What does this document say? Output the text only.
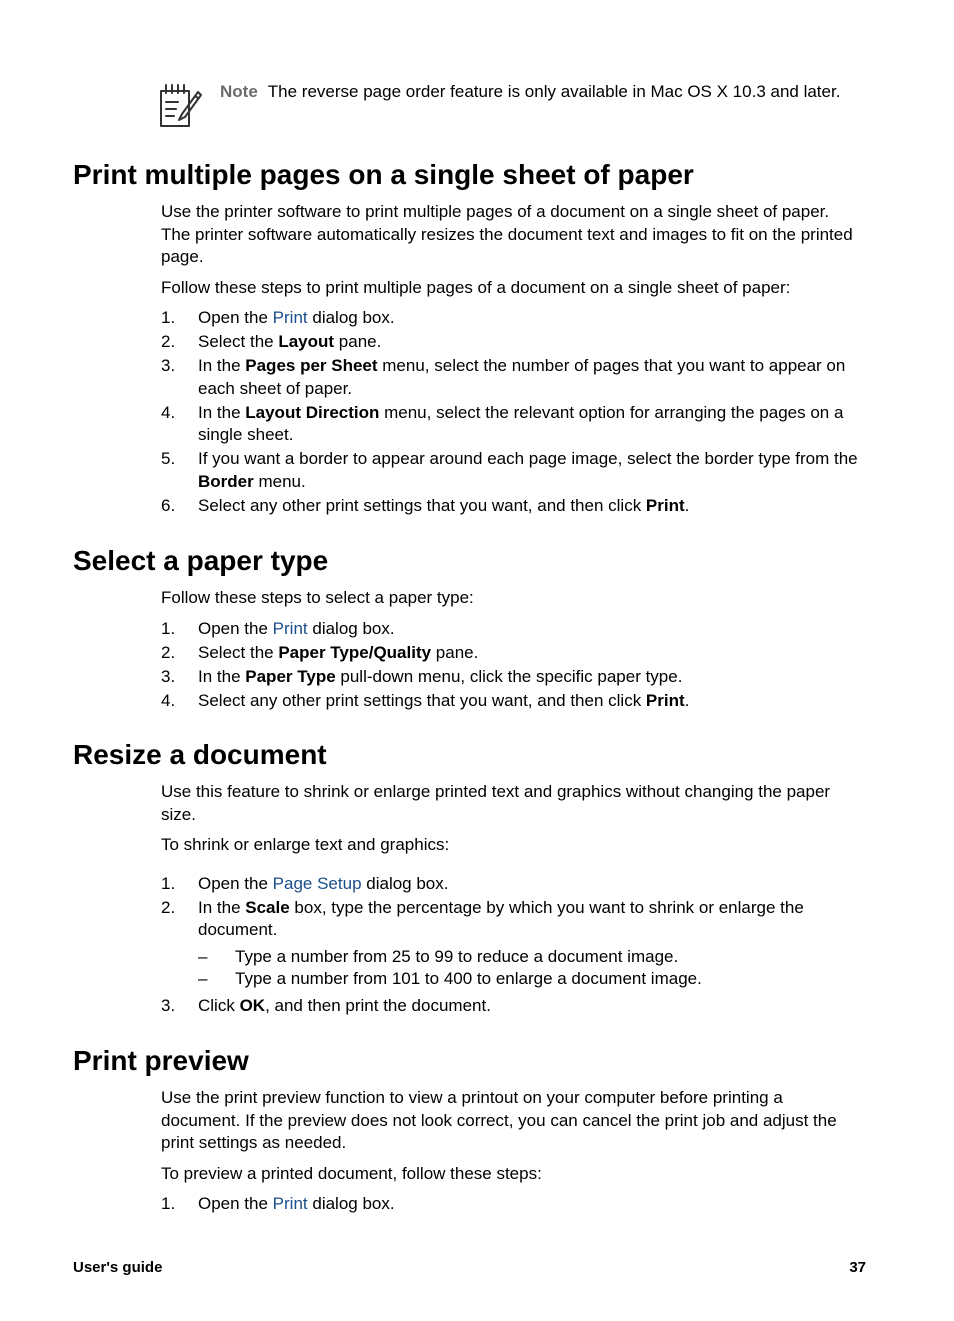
Note The reverse page order feature is only available in Mac OS X 10.3 and later.
Print multiple pages on a single sheet of paper

Use the printer software to print multiple pages of a document on a single sheet of paper. The printer software automatically resizes the document text and images to fit on the printed page.

Follow these steps to print multiple pages of a document on a single sheet of paper:

1. Open the Print dialog box.
2. Select the Layout pane.
3. In the Pages per Sheet menu, select the number of pages that you want to appear on each sheet of paper.
4. In the Layout Direction menu, select the relevant option for arranging the pages on a single sheet.
5. If you want a border to appear around each page image, select the border type from the Border menu.
6. Select any other print settings that you want, and then click Print.
Select a paper type

Follow these steps to select a paper type:

1. Open the Print dialog box.
2. Select the Paper Type/Quality pane.
3. In the Paper Type pull-down menu, click the specific paper type.
4. Select any other print settings that you want, and then click Print.
Resize a document

Use this feature to shrink or enlarge printed text and graphics without changing the paper size.

To shrink or enlarge text and graphics:

1. Open the Page Setup dialog box.
2. In the Scale box, type the percentage by which you want to shrink or enlarge the document.
– Type a number from 25 to 99 to reduce a document image.
– Type a number from 101 to 400 to enlarge a document image.
3. Click OK, and then print the document.
Print preview

Use the print preview function to view a printout on your computer before printing a document. If the preview does not look correct, you can cancel the print job and adjust the print settings as needed.

To preview a printed document, follow these steps:

1. Open the Print dialog box.
User's guide	37
